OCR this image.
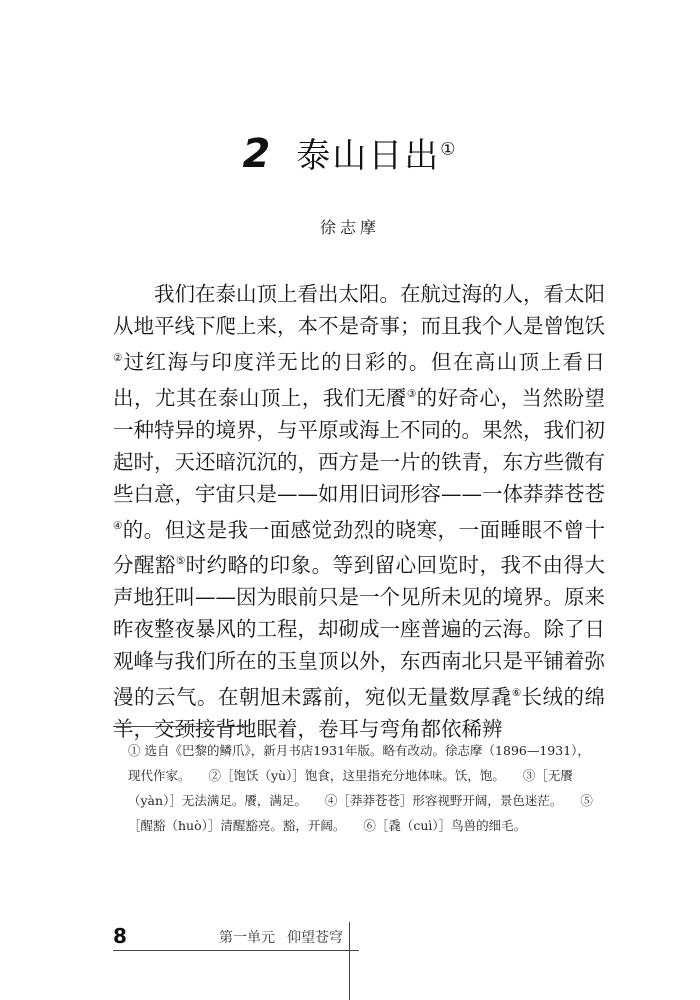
2 泰山日出①
徐志摩

我们在泰山顶上看出太阳。在航过海的人，看太阳从地平线下爬上来，本不是奇事；而且我个人是曾饱饫②过红海与印度洋无比的日彩的。但在高山顶上看日出，尤其在泰山顶上，我们无餍③的好奇心，当然盼望一种特异的境界，与平原或海上不同的。果然，我们初起时，天还暗沉沉的，西方是一片的铁青，东方些微有些白意，宇宙只是——如用旧词形容——一体莽莽苍苍④的。但这是我一面感觉劲烈的晓寒，一面睡眼不曾十分醒豁⑤时约略的印象。等到留心回览时，我不由得大声地狂叫——因为眼前只是一个见所未见的境界。原来昨夜整夜暴风的工程，却砌成一座普遍的云海。除了日观峰与我们所在的玉皇顶以外，东西南北只是平铺着弥漫的云气。在朝旭未露前，宛似无量数厚毳⑥长绒的绵羊，交颈接背地眠着，卷耳与弯角都依稀辨

① 选自《巴黎的鳞爪》，新月书店1931年版。略有改动。徐志摩（1896—1931），现代作家。 ②［饱饫（yù）］饱食，这里指充分地体味。饫，饱。 ③［无餍（yàn）］无法满足。餍，满足。 ④［莽莽苍苍］形容视野开阔，景色迷茫。 ⑤［醒豁（huò）］清醒豁亮。豁，开阔。 ⑥［毳（cuì）］鸟兽的细毛。
8	第一单元 仰望苍穹
